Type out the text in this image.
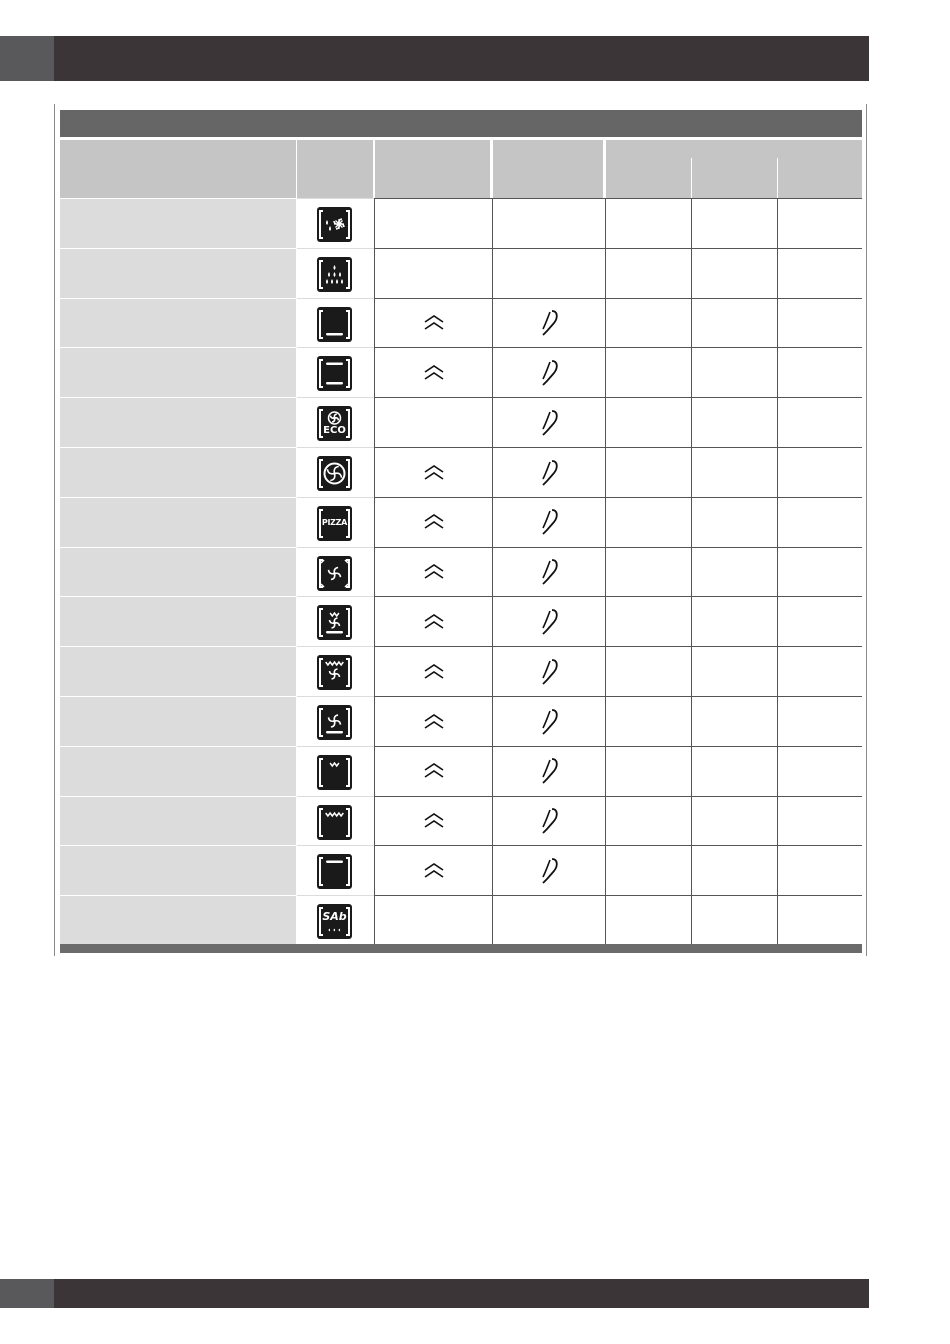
ECO
PIZZA
SAb
